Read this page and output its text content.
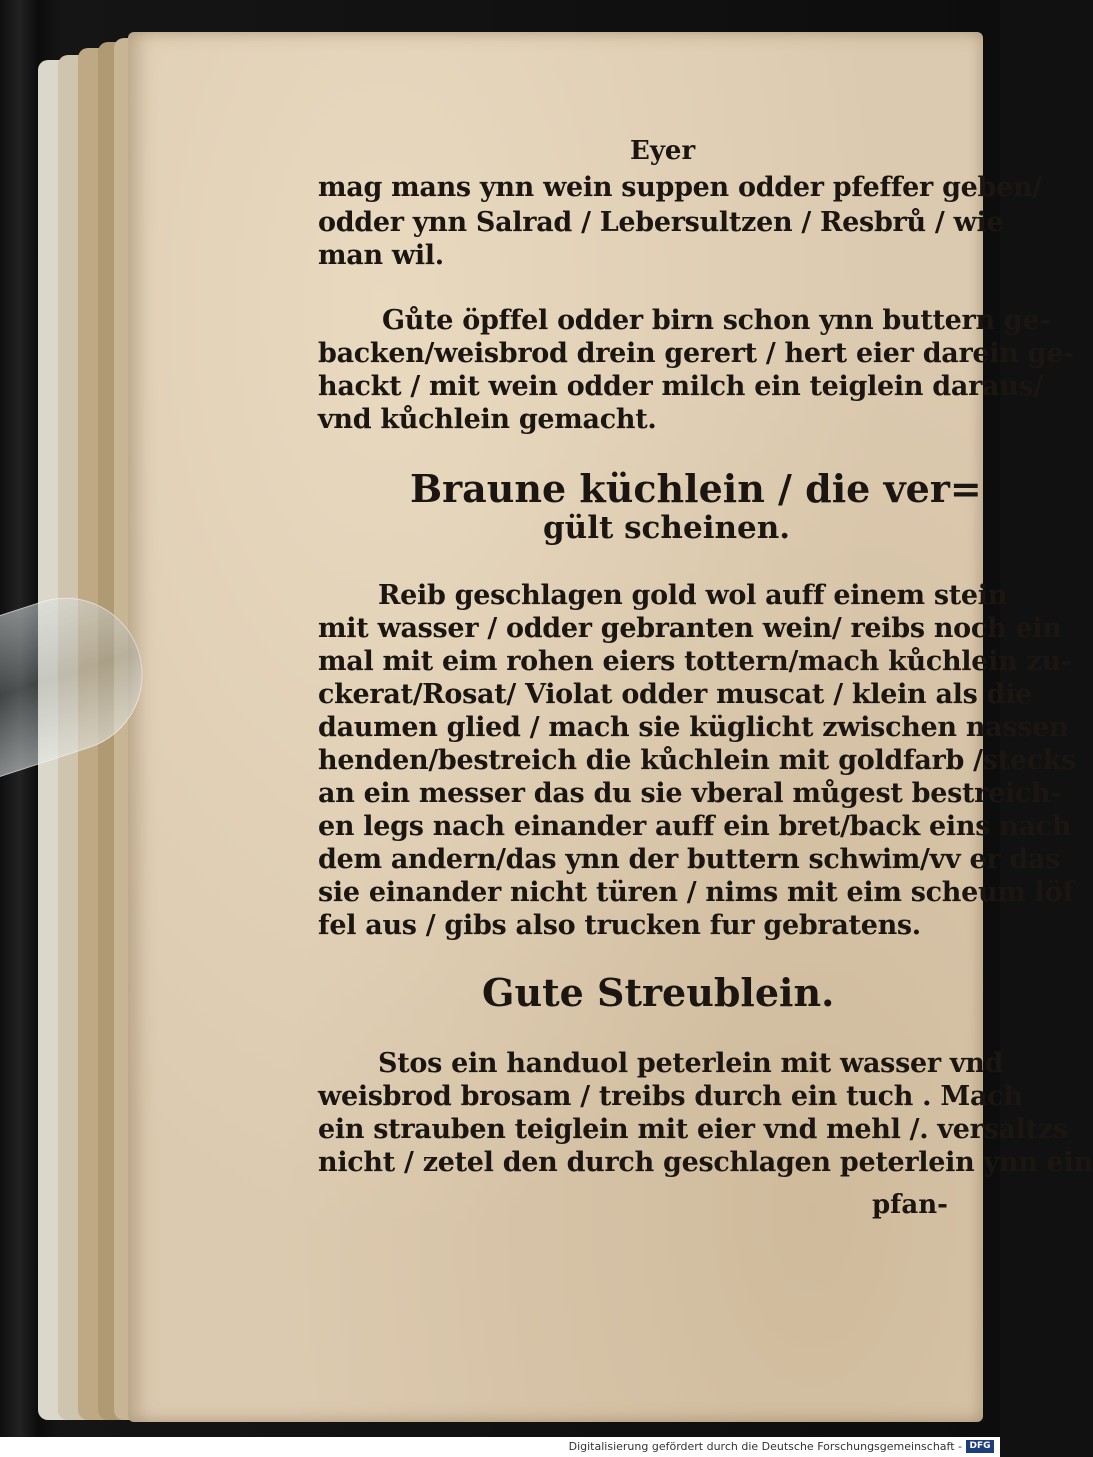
Eyer
mag mans ynn wein suppen odder pfeffer geben/
odder ynn Salrad / Lebersultzen / Resbrů / wie
man wil.
Gůte öpffel odder birn schon ynn buttern ge-
backen/weisbrod drein gerert / hert eier darein ge-
hackt / mit wein odder milch ein teiglein daraus/
vnd kůchlein gemacht.
Braune küchlein / die ver=
gült scheinen.
Reib geschlagen gold wol auff einem stein
mit wasser / odder gebranten wein/ reibs noch ein
mal mit eim rohen eiers tottern/mach kůchlein zu-
ckerat/Rosat/ Violat odder muscat / klein als die
daumen glied / mach sie küglicht zwischen nassen
henden/bestreich die kůchlein mit goldfarb /stecks
an ein messer das du sie vberal můgest bestreich-
en legs nach einander auff ein bret/back eins nach
dem andern/das ynn der buttern schwim/vv er das
sie einander nicht türen / nims mit eim scheum löf
fel aus / gibs also trucken fur gebratens.
Gute Streublein.
Stos ein handuol peterlein mit wasser vnd
weisbrod brosam / treibs durch ein tuch . Mach
ein strauben teiglein mit eier vnd mehl /. versaltzs
nicht / zetel den durch geschlagen peterlein ynn ein
pfan-
Digitalisierung gefördert durch die Deutsche Forschungsgemeinschaft - DFG
